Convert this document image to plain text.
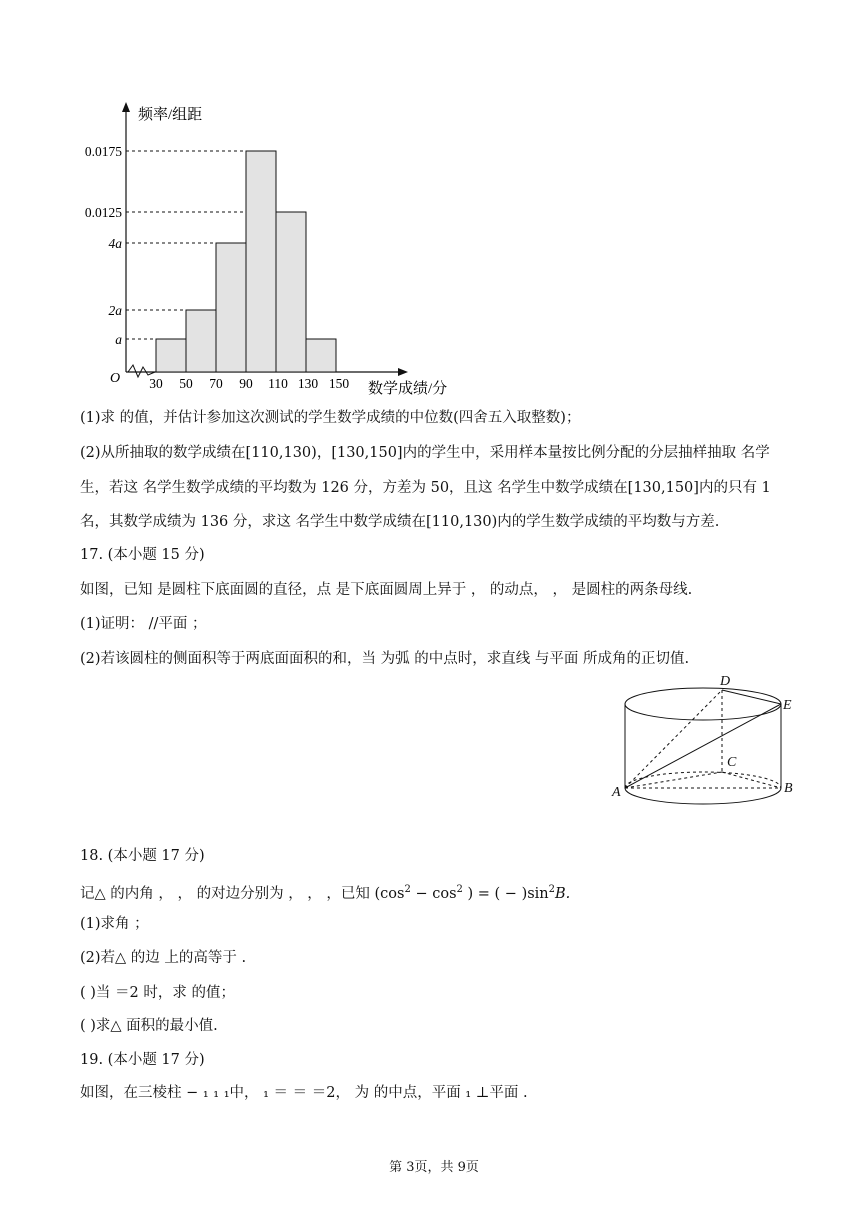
频率/组距
数学成绩/分
O
0.0175
0.0125
4a
2a
a
30 50 70 90 110 130 150
(1)求 的值，并估计参加这次测试的学生数学成绩的中位数(四舍五入取整数)；
(2)从所抽取的数学成绩在[110,130)，[130,150]内的学生中，采用样本量按比例分配的分层抽样抽取 名学
生，若这 名学生数学成绩的平均数为 126 分，方差为 50，且这 名学生中数学成绩在[130,150]内的只有 1
名，其数学成绩为 136 分，求这 名学生中数学成绩在[110,130)内的学生数学成绩的平均数与方差.
17. (本小题 15 分)
如图，已知 是圆柱下底面圆的直径，点 是下底面圆周上异于 ， 的动点， ， 是圆柱的两条母线.
(1)证明： //平面 ；
(2)若该圆柱的侧面积等于两底面面积的和，当 为弧 的中点时，求直线 与平面 所成角的正切值.
D
E
C
A	B
18. (本小题 17 分)
记△ 的内角 ， ， 的对边分别为 ， ， ，已知 ($\cos^2 - \cos^2$ ) = ( − )$\sin^2B$.
(1)求角 ；
(2)若△ 的边 上的高等于 .
( )当 ＝2 时，求 的值；
( )求△ 面积的最小值.
19. (本小题 17 分)
如图，在三棱柱 − ₁ ₁ ₁中， ₁ ＝ ＝ ＝2， 为 的中点，平面 ₁ ⊥平面 .
第 3页，共 9页
